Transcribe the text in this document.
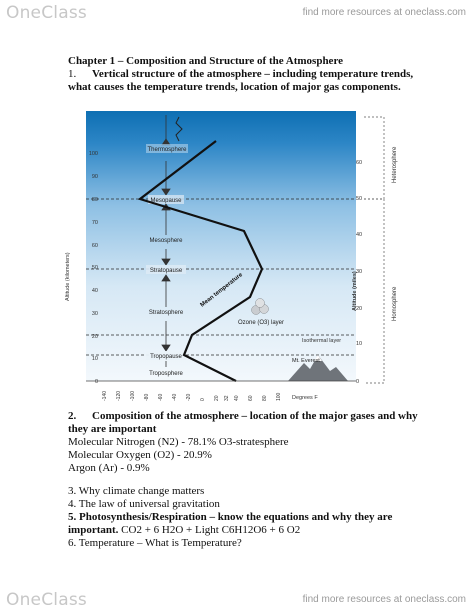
OneClass	find more resources at oneclass.com
Chapter 1 – Composition and Structure of the Atmosphere
1. Vertical structure of the atmosphere – including temperature trends, what causes the temperature trends, location of major gas components.
Altitude (kilometers)	Altitude (miles)
100
90
80
70
60
50
40
30
20
10
0
60
50
40
30
20
10
0
Heterosphere
Homosphere
Thermosphere
Mesopause
Mesosphere
Stratopause
Stratosphere
Tropopause
Troposphere
Mean temperature
Ozone (O3) layer
Isothermal layer
Mt. Everest
-140 -120 -100 -80 -60 -40 -20 0 20 32 40 60 80 100 Degrees F
2. Composition of the atmosphere – location of the major gases and why they are important
Molecular Nitrogen (N2) - 78.1% O3-stratesphere
Molecular Oxygen (O2) - 20.9%
Argon (Ar) - 0.9%
3. Why climate change matters
4. The law of universal gravitation
5. Photosynthesis/Respiration – know the equations and why they are important. CO2 + 6 H2O + Light C6H12O6 + 6 O2
6. Temperature – What is Temperature?
OneClass	find more resources at oneclass.com
